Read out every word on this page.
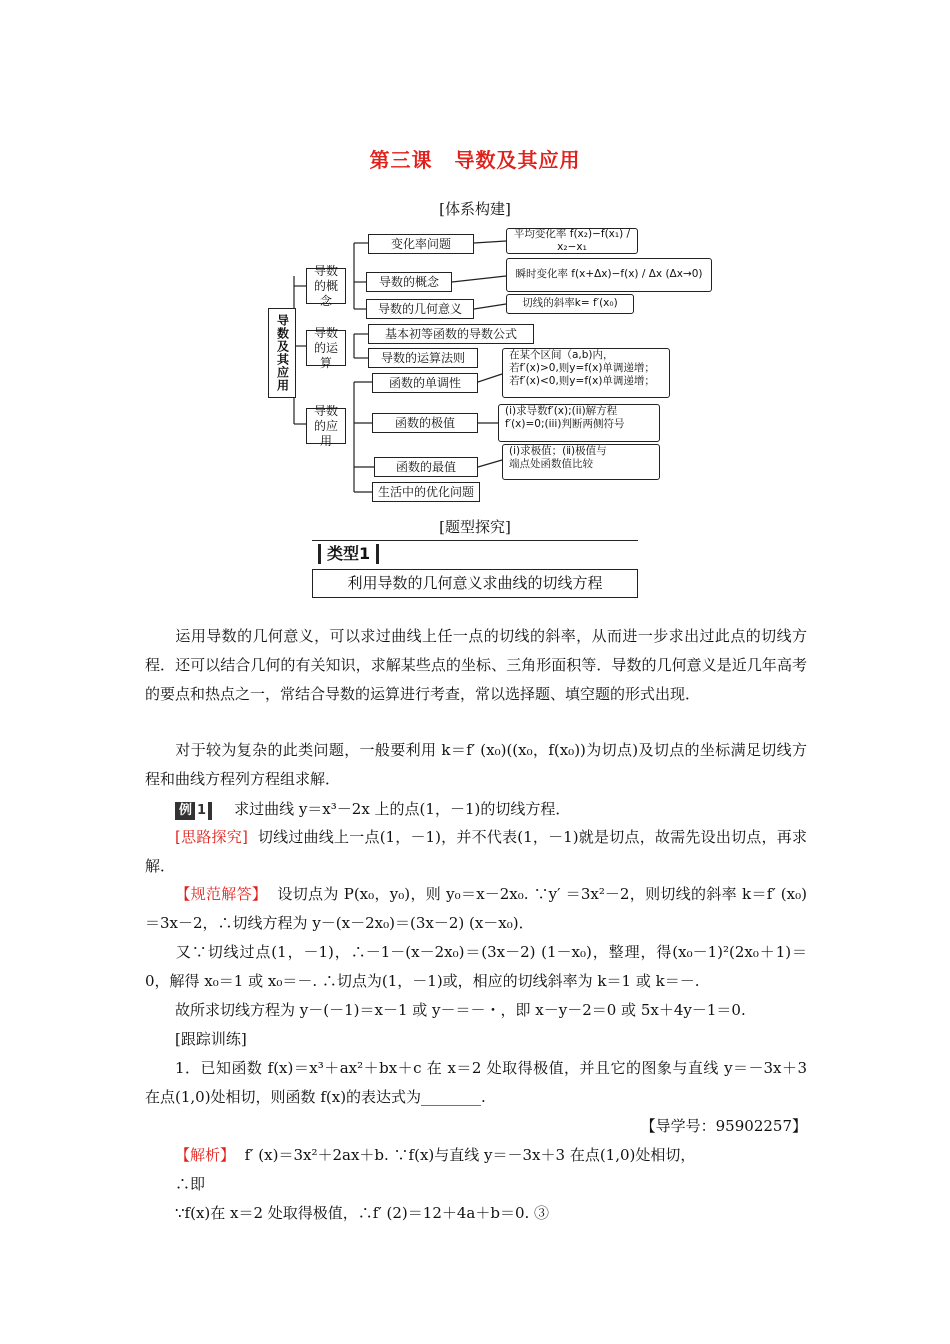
第三课 导数及其应用
[体系构建]
导数及其应用
导数的概念
导数的运算
导数的应用
变化率问题
导数的概念
导数的几何意义
基本初等函数的导数公式
导数的运算法则
函数的单调性
函数的极值
函数的最值
生活中的优化问题
平均变化率 f(x₂)−f(x₁) / x₂−x₁
瞬时变化率 f(x+Δx)−f(x) / Δx (Δx→0)
切线的斜率k= f′(x₀)
在某个区间（a,b)内，
若f′(x)>0,则y=f(x)单调递增；
若f′(x)<0,则y=f(x)单调递增；
(ⅰ)求导数f′(x);(ii)解方程
f′(x)=0;(iii)判断两侧符号
(ⅰ)求极值；(ⅱ)极值与
端点处函数值比较
[题型探究]
类型1
利用导数的几何意义求曲线的切线方程
运用导数的几何意义，可以求过曲线上任一点的切线的斜率，从而进一步求出过此点的切线方程．还可以结合几何的有关知识，求解某些点的坐标、三角形面积等．导数的几何意义是近几年高考的要点和热点之一，常结合导数的运算进行考查，常以选择题、填空题的形式出现．
对于较为复杂的此类问题，一般要利用 k＝f′ (x₀)((x₀，f(x₀))为切点)及切点的坐标满足切线方程和曲线方程列方程组求解．
例 1 求过曲线 y＝x³－2x 上的点(1，－1)的切线方程．
[思路探究] 切线过曲线上一点(1，－1)，并不代表(1，－1)就是切点，故需先设出切点，再求解．
【规范解答】 设切点为 P(x₀，y₀)，则 y₀＝x－2x₀. ∵y′ ＝3x²－2，则切线的斜率 k＝f′ (x₀)＝3x－2，∴切线方程为 y－(x－2x₀)＝(3x－2) (x－x₀)．
又∵切线过点(1，－1)，∴－1－(x－2x₀)＝(3x－2) (1－x₀)，整理，得(x₀－1)²(2x₀＋1)＝0，解得 x₀＝1 或 x₀＝－. ∴切点为(1，－1)或，相应的切线斜率为 k＝1 或 k＝－.
故所求切线方程为 y－(－1)＝x－1 或 y－＝－・，即 x－y－2＝0 或 5x＋4y－1＝0.
[跟踪训练]
1．已知函数 f(x)＝x³＋ax²＋bx＋c 在 x＝2 处取得极值，并且它的图象与直线 y＝－3x＋3 在点(1,0)处相切，则函数 f(x)的表达式为________.
【导学号：95902257】
【解析】 f′ (x)＝3x²＋2ax＋b. ∵f(x)与直线 y＝－3x＋3 在点(1,0)处相切，
∴即
∵f(x)在 x＝2 处取得极值，∴f′ (2)＝12＋4a＋b＝0. ③
